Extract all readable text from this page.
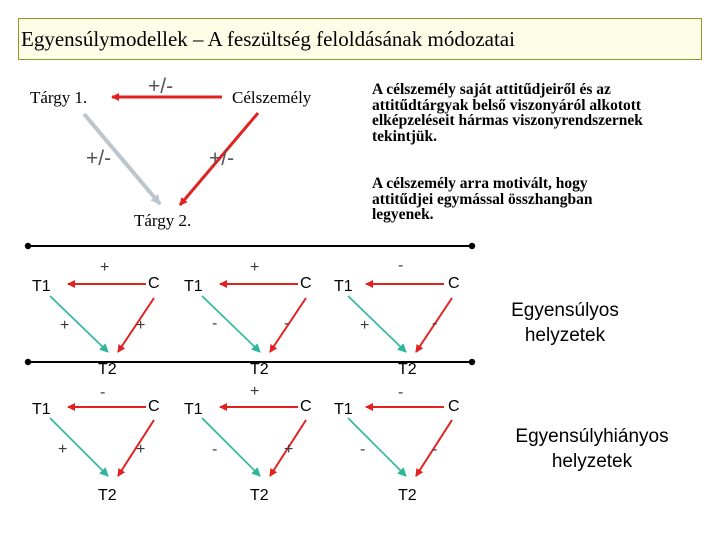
Egyensúlymodellek – A feszültség feloldásának módozatai
Tárgy 1.	Célszemély
Tárgy 2.
+/-
+/-	+/-
A célszemély saját attitűdjeiről és az attitűdtárgyak belső viszonyáról alkotott elképzeléseit hármas viszonyrendszernek tekintjük.
A célszemély arra motivált, hogy attitűdjei egymással összhangban legyenek.
T1	C
T2
T1	C
T2
T1	C
T2
+
+	+
+
-	-
-
+	-
T1	C
T2
T1	C
T2
T1	C
T2
-
+	+
+
-	+
-
-	-
Egyensúlyos helyzetek
Egyensúlyhiányos helyzetek
